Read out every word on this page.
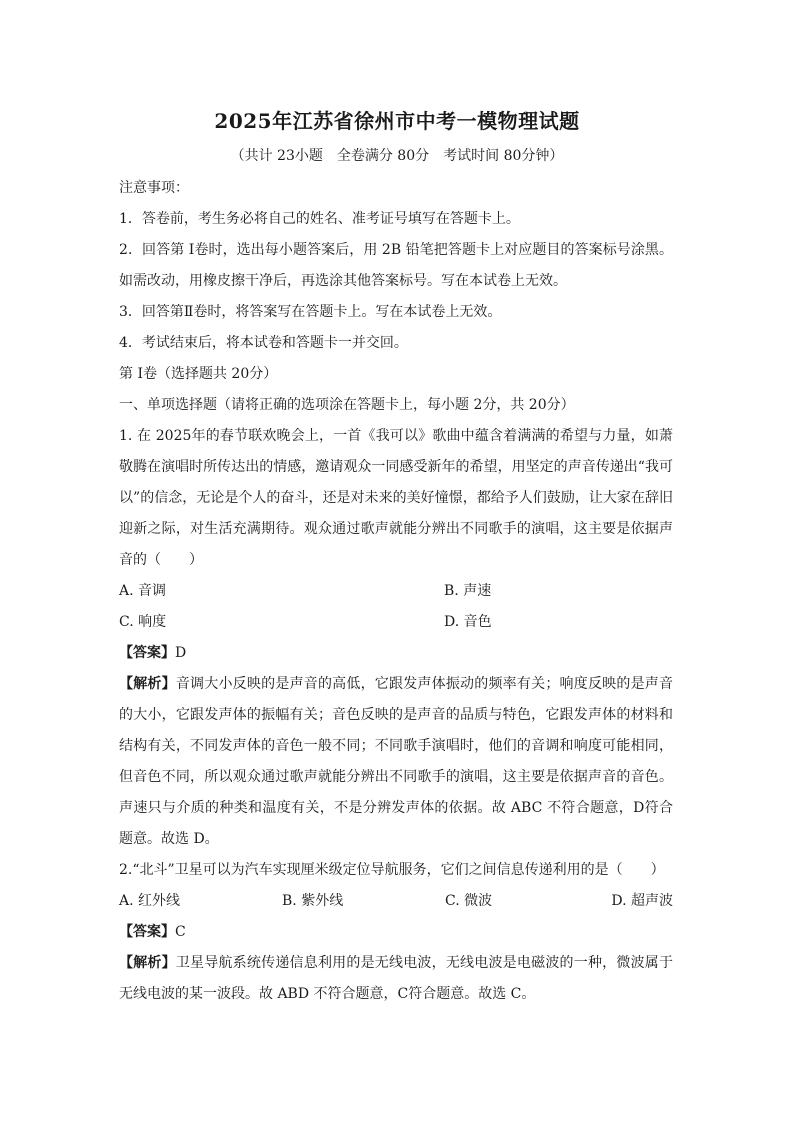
2025年江苏省徐州市中考一模物理试题
（共计 23小题　全卷满分 80分　考试时间 80分钟）
注意事项：
1．答卷前，考生务必将自己的姓名、准考证号填写在答题卡上。
2．回答第 I卷时，选出每小题答案后，用 2B 铅笔把答题卡上对应题目的答案标号涂黑。如需改动，用橡皮擦干净后，再选涂其他答案标号。写在本试卷上无效。
3．回答第Ⅱ卷时，将答案写在答题卡上。写在本试卷上无效。
4．考试结束后，将本试卷和答题卡一并交回。
第 I卷（选择题共 20分）
一、单项选择题（请将正确的选项涂在答题卡上，每小题 2分，共 20分）
1. 在 2025年的春节联欢晚会上，一首《我可以》歌曲中蕴含着满满的希望与力量，如萧敬腾在演唱时所传达出的情感，邀请观众一同感受新年的希望，用坚定的声音传递出“我可以”的信念，无论是个人的奋斗，还是对未来的美好憧憬，都给予人们鼓励，让大家在辞旧迎新之际，对生活充满期待。观众通过歌声就能分辨出不同歌手的演唱，这主要是依据声音的（　　）
A. 音调	B. 声速
C. 响度	D. 音色
【答案】D
【解析】音调大小反映的是声音的高低，它跟发声体振动的频率有关；响度反映的是声音的大小，它跟发声体的振幅有关；音色反映的是声音的品质与特色，它跟发声体的材料和结构有关，不同发声体的音色一般不同；不同歌手演唱时，他们的音调和响度可能相同，但音色不同，所以观众通过歌声就能分辨出不同歌手的演唱，这主要是依据声音的音色。声速只与介质的种类和温度有关，不是分辨发声体的依据。故 ABC 不符合题意，D符合题意。故选 D。
2.“北斗”卫星可以为汽车实现厘米级定位导航服务，它们之间信息传递利用的是（　　）
A. 红外线	B. 紫外线	C. 微波	D. 超声波
【答案】C
【解析】卫星导航系统传递信息利用的是无线电波，无线电波是电磁波的一种，微波属于无线电波的某一波段。故 ABD 不符合题意，C符合题意。故选 C。
